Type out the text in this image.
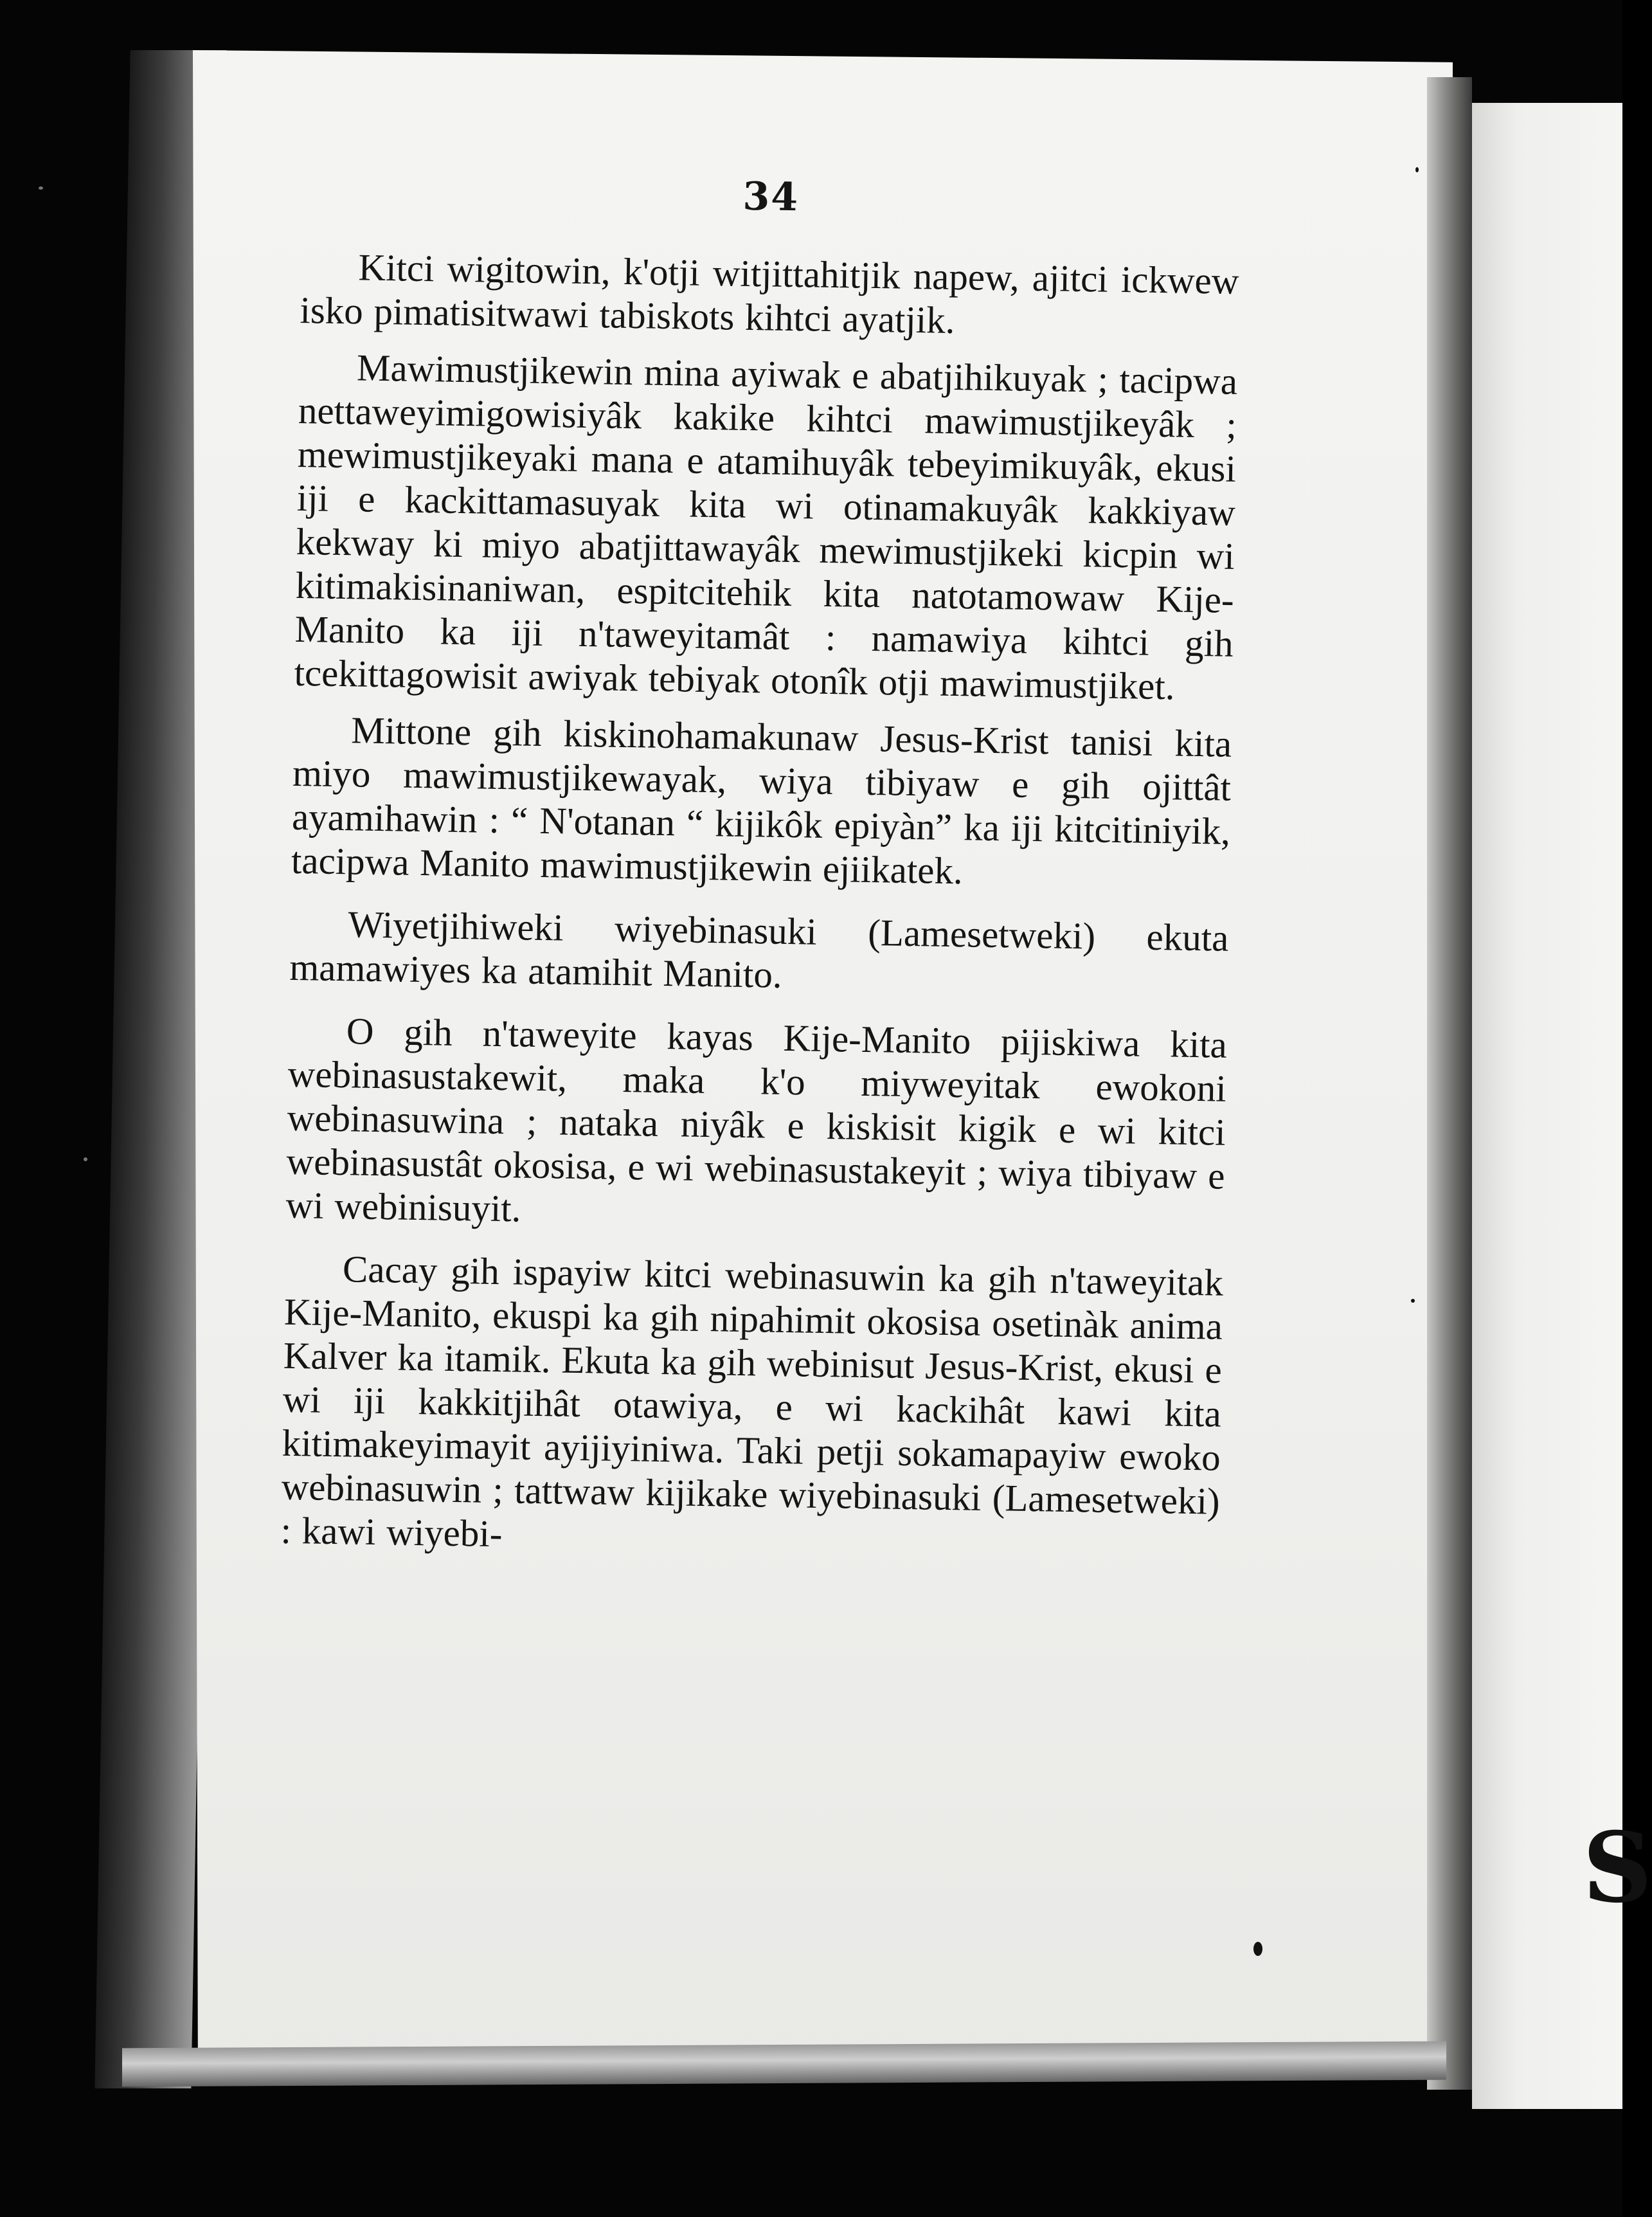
S
34

Kitci wigitowin, k'otji witjittahitjik napew, ajitci ickwew isko pimatisitwawi tabiskots kihtci ayatjik.

Mawimustjikewin mina ayiwak e abatjihikuyak ; tacipwa nettaweyimigowisiyâk kakike kihtci mawimustjikeyâk ; mewimustjikeyaki mana e atamihuyâk tebeyimikuyâk, ekusi iji e kackittamasuyak kita wi otinamakuyâk kakkiyaw kekway ki miyo abatjittawayâk mewimustjikeki kicpin wi kitimakisinaniwan, espitcitehik kita natotamowaw Kije-Manito ka iji n'taweyitamât : namawiya kihtci gih tcekittagowisit awiyak tebiyak otonîk otji mawimustjiket.

Mittone gih kiskinohamakunaw Jesus-Krist tanisi kita miyo mawimustjikewayak, wiya tibiyaw e gih ojittât ayamihawin : “ N'otanan “ kijikôk epiyàn” ka iji kitcitiniyik, tacipwa Manito mawimustjikewin ejiikatek.

Wiyetjihiweki wiyebinasuki (Lamesetweki) ekuta mamawiyes ka atamihit Manito.

O gih n'taweyite kayas Kije-Manito pijiskiwa kita webinasustakewit, maka k'o miyweyitak ewokoni webinasuwina ; nataka niyâk e kiskisit kigik e wi kitci webinasustât okosisa, e wi webinasustakeyit ; wiya tibiyaw e wi webinisuyit.

Cacay gih ispayiw kitci webinasuwin ka gih n'taweyitak Kije-Manito, ekuspi ka gih nipahimit okosisa osetinàk anima Kalver ka itamik. Ekuta ka gih webinisut Jesus-Krist, ekusi e wi iji kakkitjihât otawiya, e wi kackihât kawi kita kitimakeyimayit ayijiyiniwa. Taki petji sokamapayiw ewoko webinasuwin ; tattwaw kijikake wiyebinasuki (Lamesetweki) : kawi wiyebi-
